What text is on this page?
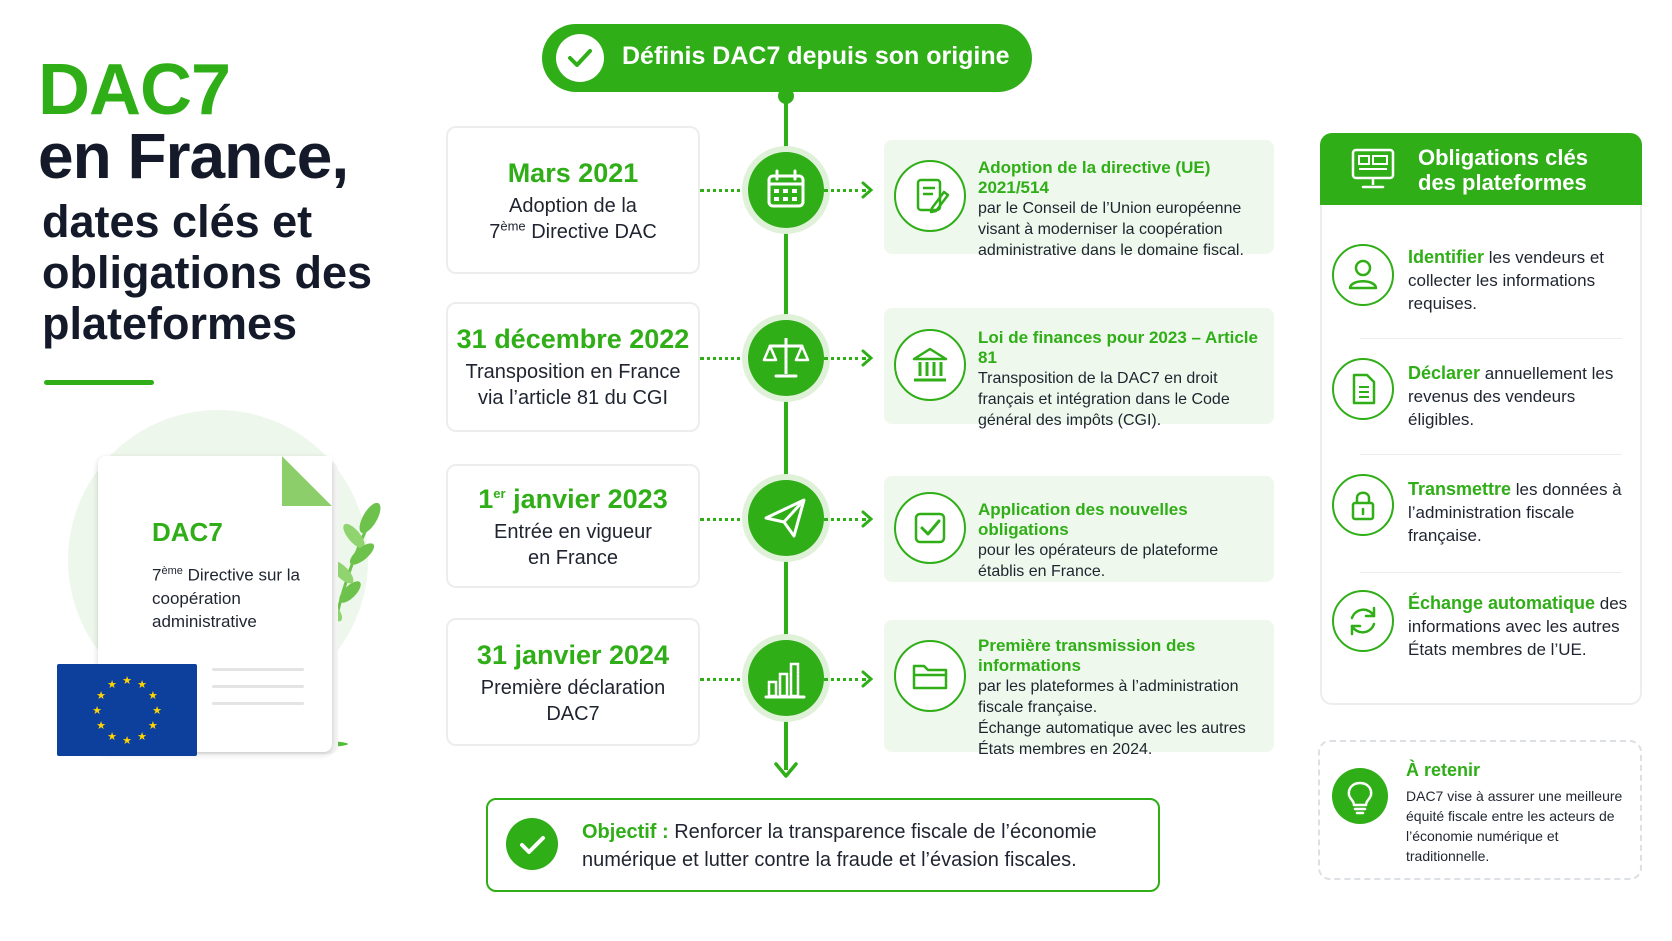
DAC7
en France,
dates clés et obligations des plateformes
DAC7
7ème Directive sur la coopération administrative
★ ★
★
★
★
★
★
★
★
★
★
★
Définis DAC7 depuis son origine
Mars 2021
Adoption de la
7ème Directive DAC
Adoption de la directive (UE) 2021/514
par le Conseil de l’Union européenne visant à moderniser la coopération administrative dans le domaine fiscal.
31 décembre 2022
Transposition en France
via l’article 81 du CGI
Loi de finances pour 2023 – Article 81
Transposition de la DAC7 en droit français et intégration dans le Code général des impôts (CGI).
1er janvier 2023
Entrée en vigueur
en France
Application des nouvelles obligations
pour les opérateurs de plateforme établis en France.
31 janvier 2024
Première déclaration
DAC7
Première transmission des informations
par les plateformes à l’administration fiscale française.
Échange automatique avec les autres États membres en 2024.
Objectif : Renforcer la transparence fiscale de l’économie numérique et lutter contre la fraude et l’évasion fiscales.
Obligations clés des plateformes
Identifier les vendeurs et collecter les informations requises.
Déclarer annuellement les revenus des vendeurs éligibles.
Transmettre les données à l’administration fiscale française.
Échange automatique des informations avec les autres États membres de l’UE.
À retenir
DAC7 vise à assurer une meilleure équité fiscale entre les acteurs de l’économie numérique et traditionnelle.
